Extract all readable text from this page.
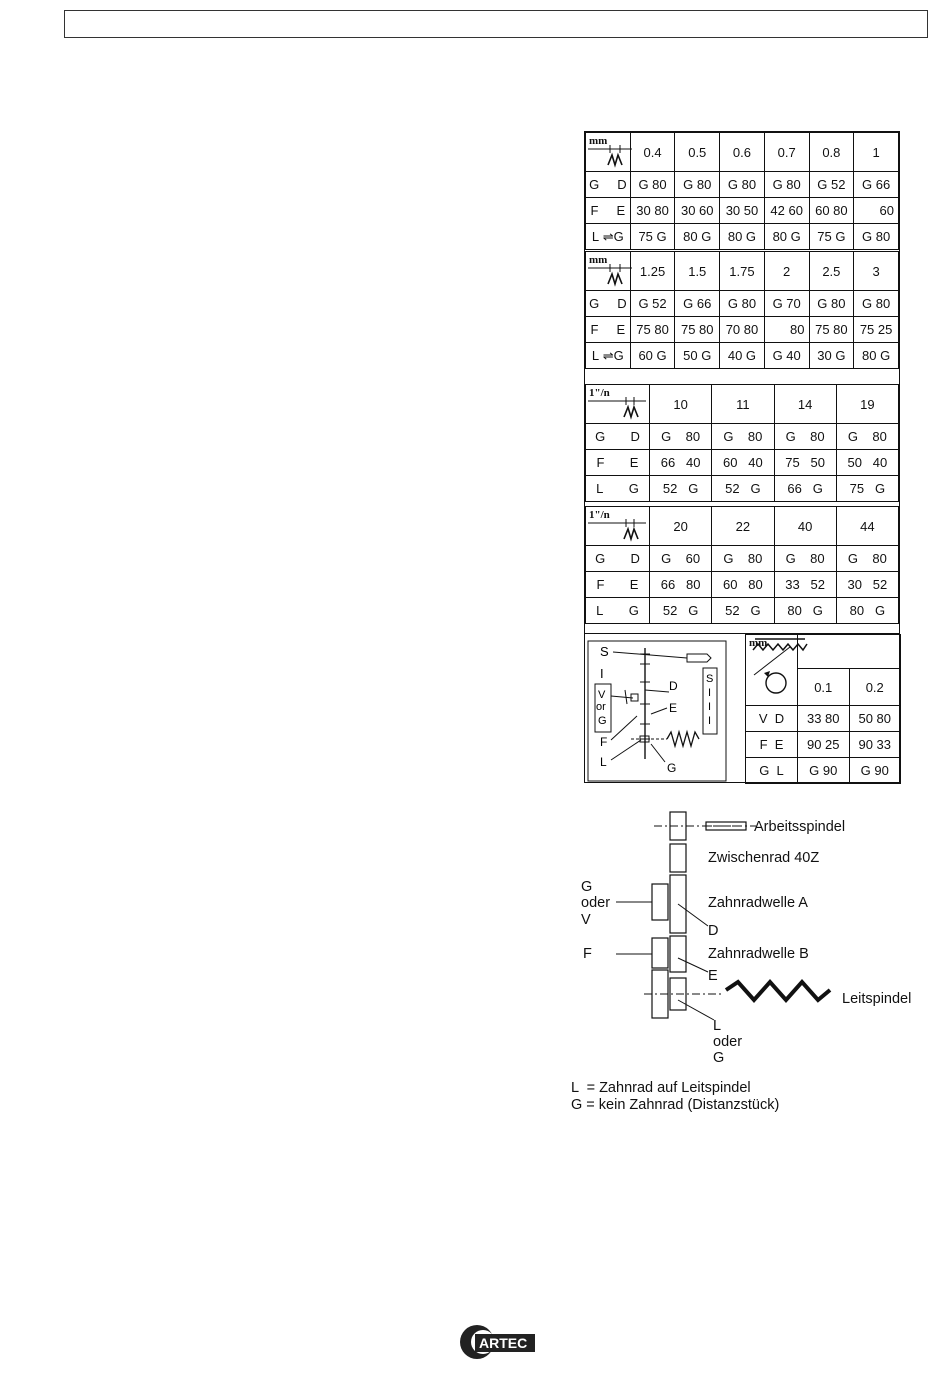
mm	0.4	0.5	0.6	0.7	0.8	1
G D	G 80	G 80	G 80	G 80	G 52	G 66
F E	30 80	30 60	30 50	42 60	60 80	60
L ⇌G	75 G	80 G	80 G	80 G	75 G	G 80
mm	1.25	1.5	1.75	2	2.5	3
G D	G 52	G 66	G 80	G 70	G 80	G 80
F E	75 80	75 80	70 80	80	75 80	75 25
L ⇌G	60 G	50 G	40 G	G 40	30 G	80 G
1"/n	10	11	14	19
G D	G    80	G    80	G    80	G    80
F E	66   40	60   40	75   50	50   40
L G	52   G	52   G	66   G	75   G
1"/n	20	22	40	44
G D	G    60	G    80	G    80	G    80
F E	66   80	60   80	33   52	30   52
L G	52   G	52   G	80   G	80   G
S
I
V
or
G
S
I
I
I
D
E
F
L	G
mm

	0.1	0.2
V  D	33 80	50 80
F  E	90 25	90 33
G  L	G 90	G 90
Arbeitsspindel
Zwischenrad 40Z
Zahnradwelle A
G
oder
V
D
Zahnradwelle B
F
E
Leitspindel
L
oder
G
L  = Zahnrad auf Leitspindel
G = kein Zahnrad (Distanzstück)
ARTEC
